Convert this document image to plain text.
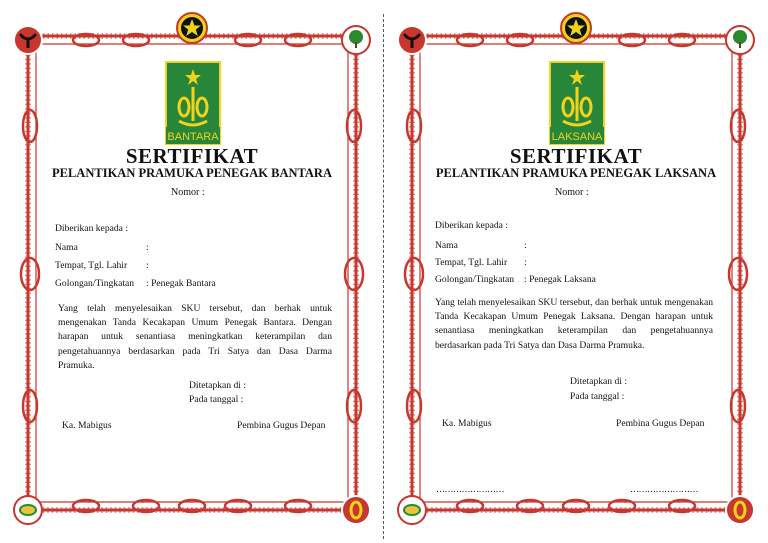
BANTARA
SERTIFIKAT
PELANTIKAN PRAMUKA PENEGAK BANTARA
Nomor :
Diberikan kepada :
Nama	:
Tempat, Tgl. Lahir :
Golongan/Tingkatan : Penegak Bantara
Yang telah menyelesaikan SKU tersebut, dan berhak untuk mengenakan Tanda Kecakapan Umum Penegak Bantara. Dengan harapan untuk senantiasa meningkatkan keterampilan dan pengetahuannya berdasarkan pada Tri Satya dan Dasa Darma Pramuka.
Ditetapkan di :
Pada tanggal :
Ka. Mabigus	Pembina Gugus Depan
LAKSANA
SERTIFIKAT
PELANTIKAN PRAMUKA PENEGAK LAKSANA
Nomor :
Diberikan kepada :
Nama	:
Tempat, Tgl. Lahir :
Golongan/Tingkatan : Penegak Laksana
Yang telah menyelesaikan SKU tersebut, dan berhak untuk mengenakan Tanda Kecakapan Umum Penegak Laksana. Dengan harapan untuk senantiasa meningkatkan keterampilan dan pengetahuannya berdasarkan pada Tri Satya dan Dasa Darma Pramuka.
Ditetapkan di :
Pada tanggal :
Ka. Mabigus	Pembina Gugus Depan
……………………	……………………
